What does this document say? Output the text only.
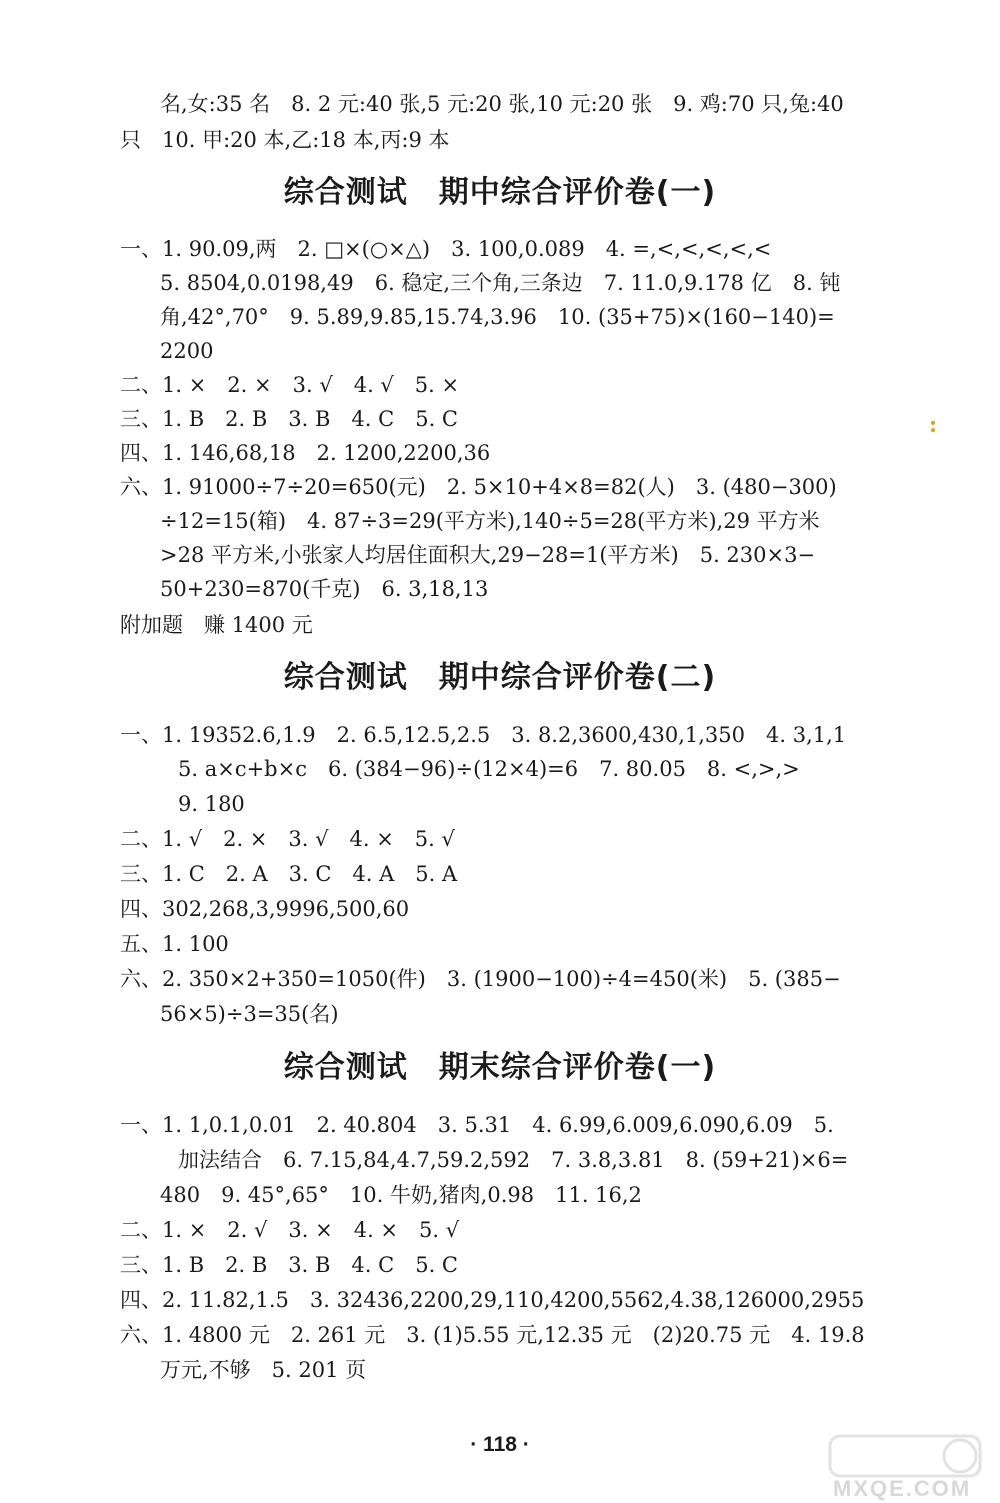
名,女:35 名　8. 2 元:40 张,5 元:20 张,10 元:20 张　9. 鸡:70 只,兔:40
只　10. 甲:20 本,乙:18 本,丙:9 本
综合测试　期中综合评价卷(一)
一、1. 90.09,两　2. □×(○×△)　3. 100,0.089　4. =,<,<,<,<,<
5. 8504,0.0198,49　6. 稳定,三个角,三条边　7. 11.0,9.178 亿　8. 钝
角,42°,70°　9. 5.89,9.85,15.74,3.96　10. (35+75)×(160−140)=
2200
二、1. ×　2. ×　3. √　4. √　5. ×
三、1. B　2. B　3. B　4. C　5. C
四、1. 146,68,18　2. 1200,2200,36
六、1. 91000÷7÷20=650(元)　2. 5×10+4×8=82(人)　3. (480−300)
÷12=15(箱)　4. 87÷3=29(平方米),140÷5=28(平方米),29 平方米
>28 平方米,小张家人均居住面积大,29−28=1(平方米)　5. 230×3−
50+230=870(千克)　6. 3,18,13
附加题　赚 1400 元
综合测试　期中综合评价卷(二)
一、1. 19352.6,1.9　2. 6.5,12.5,2.5　3. 8.2,3600,430,1,350　4. 3,1,1
5. a×c+b×c　6. (384−96)÷(12×4)=6　7. 80.05　8. <,>,>
9. 180
二、1. √　2. ×　3. √　4. ×　5. √
三、1. C　2. A　3. C　4. A　5. A
四、302,268,3,9996,500,60
五、1. 100
六、2. 350×2+350=1050(件)　3. (1900−100)÷4=450(米)　5. (385−
56×5)÷3=35(名)
综合测试　期末综合评价卷(一)
一、1. 1,0.1,0.01　2. 40.804　3. 5.31　4. 6.99,6.009,6.090,6.09　5.
加法结合　6. 7.15,84,4.7,59.2,592　7. 3.8,3.81　8. (59+21)×6=
480　9. 45°,65°　10. 牛奶,猪肉,0.98　11. 16,2
二、1. ×　2. √　3. ×　4. ×　5. √
三、1. B　2. B　3. B　4. C　5. C
四、2. 11.82,1.5　3. 32436,2200,29,110,4200,5562,4.38,126000,2955
六、1. 4800 元　2. 261 元　3. (1)5.55 元,12.35 元　(2)20.75 元　4. 19.8
万元,不够　5. 201 页
:
· 118 ·
MXQE.COM
